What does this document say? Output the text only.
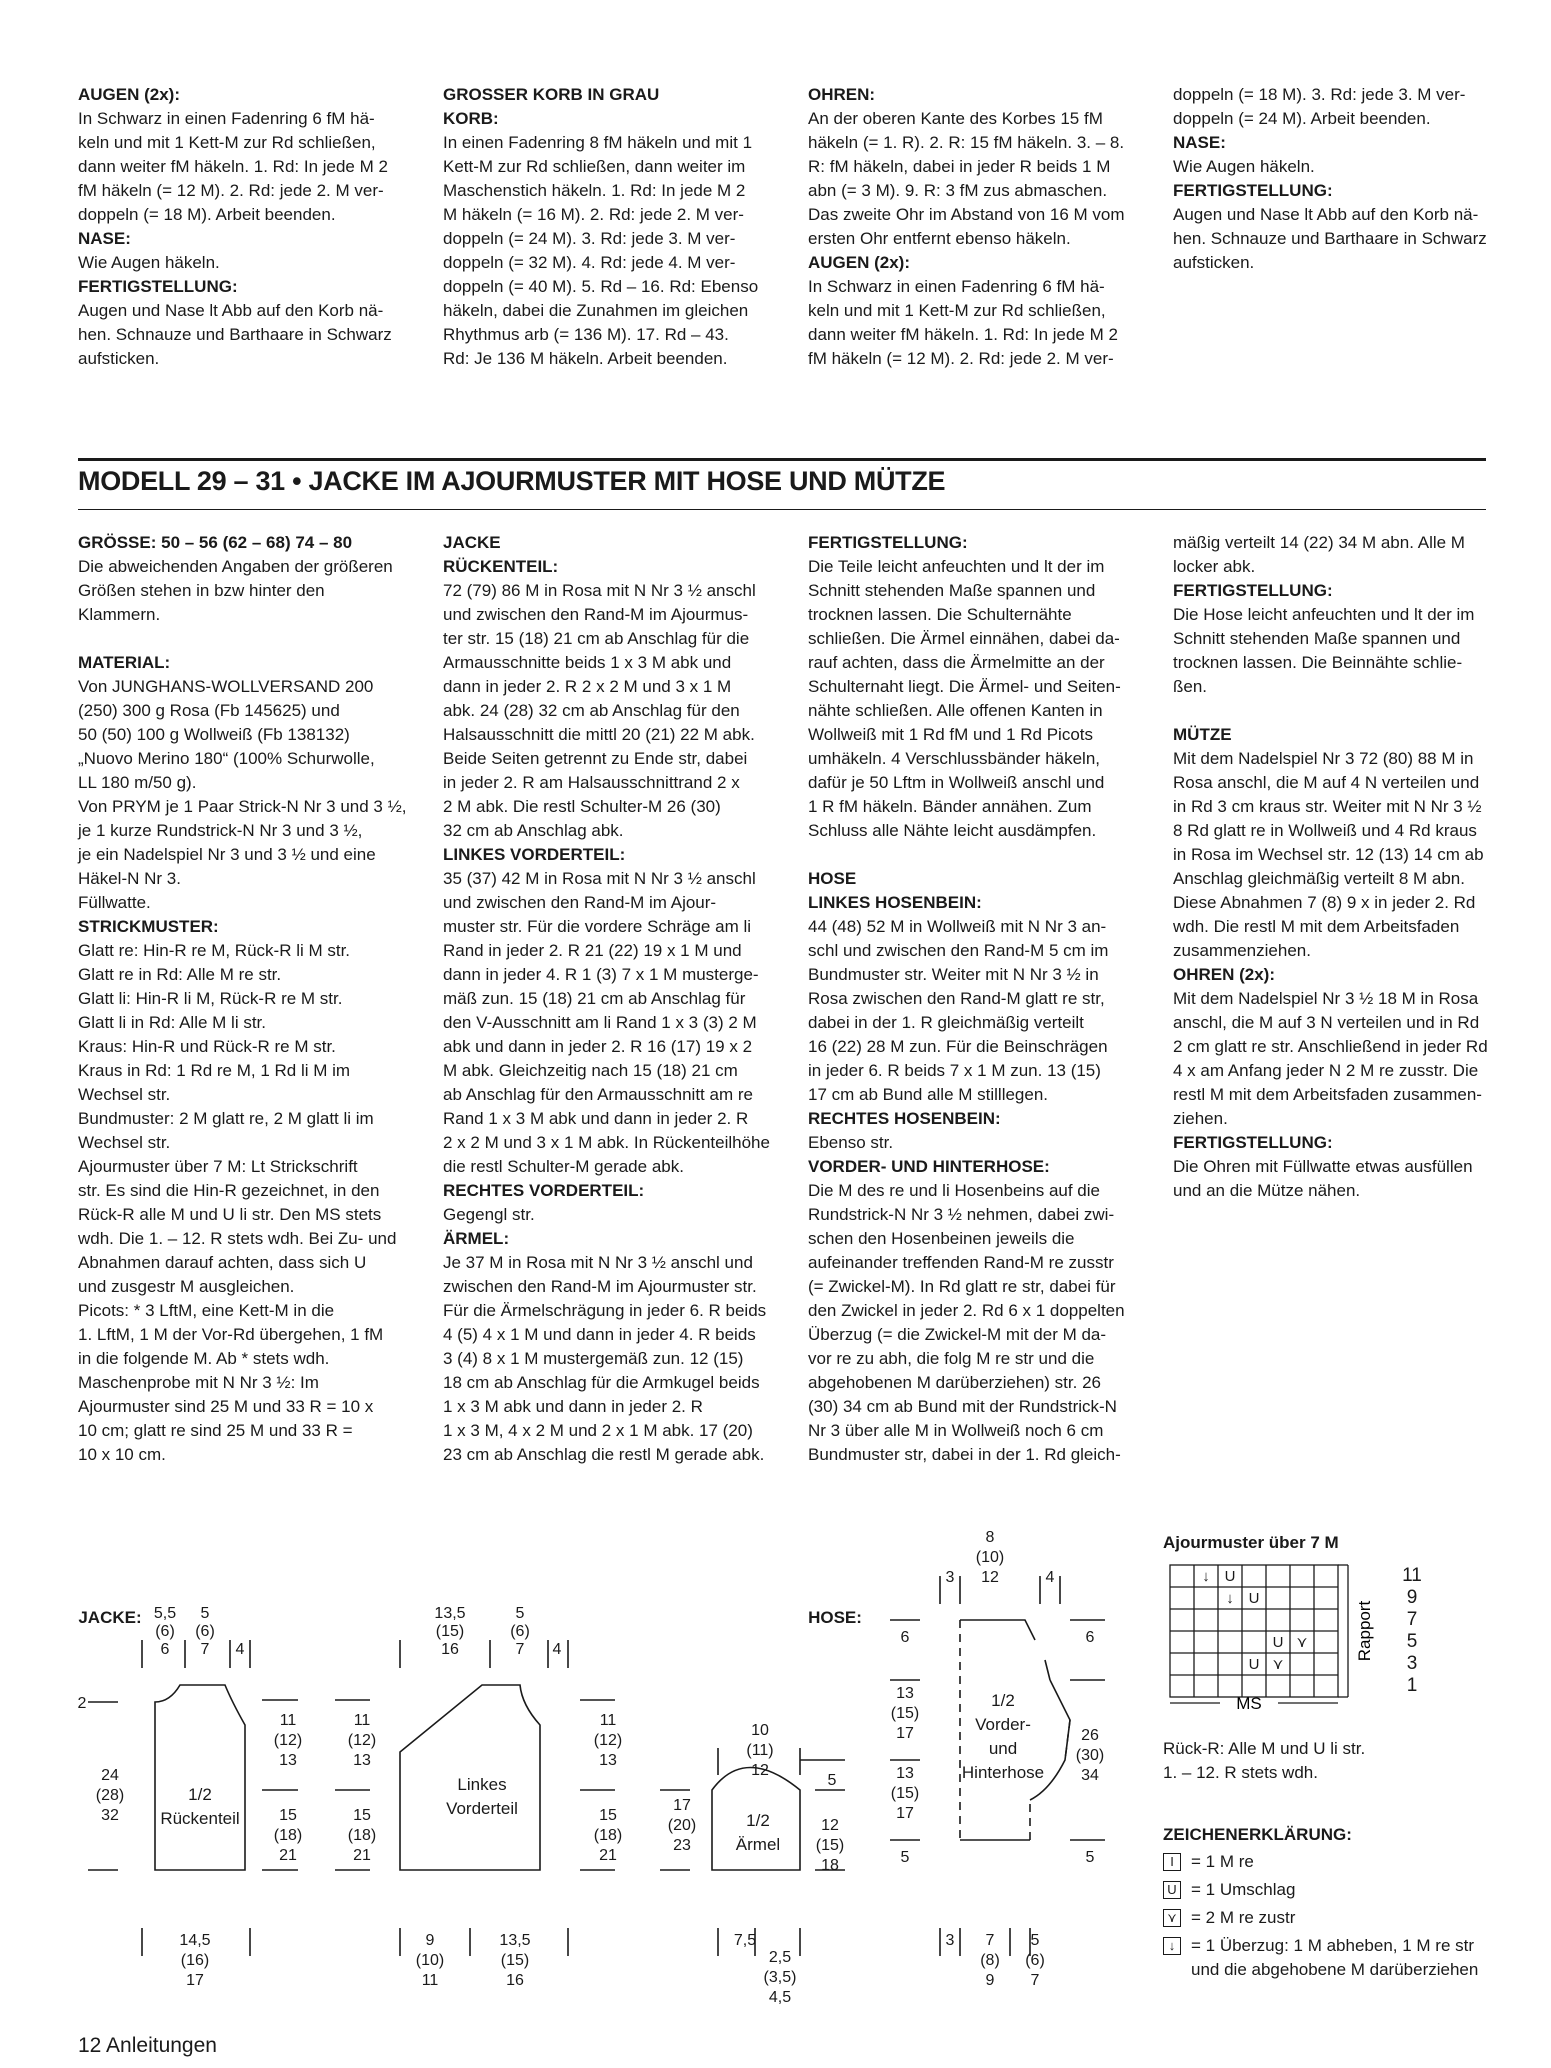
AUGEN (2x):

In Schwarz in einen Fadenring 6 fM hä-

keln und mit 1 Kett-M zur Rd schließen,

dann weiter fM häkeln. 1. Rd: In jede M 2

fM häkeln (= 12 M). 2. Rd: jede 2. M ver-

doppeln (= 18 M). Arbeit beenden.

NASE:

Wie Augen häkeln.

FERTIGSTELLUNG:

Augen und Nase lt Abb auf den Korb nä-

hen. Schnauze und Barthaare in Schwarz

aufsticken.

GROSSER KORB IN GRAU

KORB:

In einen Fadenring 8 fM häkeln und mit 1

Kett-M zur Rd schließen, dann weiter im

Maschenstich häkeln. 1. Rd: In jede M 2

M häkeln (= 16 M). 2. Rd: jede 2. M ver-

doppeln (= 24 M). 3. Rd: jede 3. M ver-

doppeln (= 32 M). 4. Rd: jede 4. M ver-

doppeln (= 40 M). 5. Rd – 16. Rd: Ebenso

häkeln, dabei die Zunahmen im gleichen

Rhythmus arb (= 136 M). 17. Rd – 43.

Rd: Je 136 M häkeln. Arbeit beenden.

OHREN:

An der oberen Kante des Korbes 15 fM

häkeln (= 1. R). 2. R: 15 fM häkeln. 3. – 8.

R: fM häkeln, dabei in jeder R beids 1 M

abn (= 3 M). 9. R: 3 fM zus abmaschen.

Das zweite Ohr im Abstand von 16 M vom

ersten Ohr entfernt ebenso häkeln.

AUGEN (2x):

In Schwarz in einen Fadenring 6 fM hä-

keln und mit 1 Kett-M zur Rd schließen,

dann weiter fM häkeln. 1. Rd: In jede M 2

fM häkeln (= 12 M). 2. Rd: jede 2. M ver-

doppeln (= 18 M). 3. Rd: jede 3. M ver-

doppeln (= 24 M). Arbeit beenden.

NASE:

Wie Augen häkeln.

FERTIGSTELLUNG:

Augen und Nase lt Abb auf den Korb nä-

hen. Schnauze und Barthaare in Schwarz

aufsticken.

MODELL 29 – 31 • JACKE IM AJOURMUSTER MIT HOSE UND MÜTZE

GRÖSSE: 50 – 56 (62 – 68) 74 – 80

Die abweichenden Angaben der größeren

Größen stehen in bzw hinter den

Klammern.

MATERIAL:

Von JUNGHANS-WOLLVERSAND 200

(250) 300 g Rosa (Fb 145625) und

50 (50) 100 g Wollweiß (Fb 138132)

„Nuovo Merino 180“ (100% Schurwolle,

LL 180 m/50 g).

Von PRYM je 1 Paar Strick-N Nr 3 und 3 ½,

je 1 kurze Rundstrick-N Nr 3 und 3 ½,

je ein Nadelspiel Nr 3 und 3 ½ und eine

Häkel-N Nr 3.

Füllwatte.

STRICKMUSTER:

Glatt re: Hin-R re M, Rück-R li M str.

Glatt re in Rd: Alle M re str.

Glatt li: Hin-R li M, Rück-R re M str.

Glatt li in Rd: Alle M li str.

Kraus: Hin-R und Rück-R re M str.

Kraus in Rd: 1 Rd re M, 1 Rd li M im

Wechsel str.

Bundmuster: 2 M glatt re, 2 M glatt li im

Wechsel str.

Ajourmuster über 7 M: Lt Strickschrift

str. Es sind die Hin-R gezeichnet, in den

Rück-R alle M und U li str. Den MS stets

wdh. Die 1. – 12. R stets wdh. Bei Zu- und

Abnahmen darauf achten, dass sich U

und zusgestr M ausgleichen.

Picots: * 3 LftM, eine Kett-M in die

1. LftM, 1 M der Vor-Rd übergehen, 1 fM

in die folgende M. Ab * stets wdh.

Maschenprobe mit N Nr 3 ½: Im

Ajourmuster sind 25 M und 33 R = 10 x

10 cm; glatt re sind 25 M und 33 R =

10 x 10 cm.

JACKE

RÜCKENTEIL:

72 (79) 86 M in Rosa mit N Nr 3 ½ anschl

und zwischen den Rand-M im Ajourmus-

ter str. 15 (18) 21 cm ab Anschlag für die

Armausschnitte beids 1 x 3 M abk und

dann in jeder 2. R 2 x 2 M und 3 x 1 M

abk. 24 (28) 32 cm ab Anschlag für den

Halsausschnitt die mittl 20 (21) 22 M abk.

Beide Seiten getrennt zu Ende str, dabei

in jeder 2. R am Halsausschnittrand 2 x

2 M abk. Die restl Schulter-M 26 (30)

32 cm ab Anschlag abk.

LINKES VORDERTEIL:

35 (37) 42 M in Rosa mit N Nr 3 ½ anschl

und zwischen den Rand-M im Ajour-

muster str. Für die vordere Schräge am li

Rand in jeder 2. R 21 (22) 19 x 1 M und

dann in jeder 4. R 1 (3) 7 x 1 M musterge-

mäß zun. 15 (18) 21 cm ab Anschlag für

den V-Ausschnitt am li Rand 1 x 3 (3) 2 M

abk und dann in jeder 2. R 16 (17) 19 x 2

M abk. Gleichzeitig nach 15 (18) 21 cm

ab Anschlag für den Armausschnitt am re

Rand 1 x 3 M abk und dann in jeder 2. R

2 x 2 M und 3 x 1 M abk. In Rückenteilhöhe

die restl Schulter-M gerade abk.

RECHTES VORDERTEIL:

Gegengl str.

ÄRMEL:

Je 37 M in Rosa mit N Nr 3 ½ anschl und

zwischen den Rand-M im Ajourmuster str.

Für die Ärmelschrägung in jeder 6. R beids

4 (5) 4 x 1 M und dann in jeder 4. R beids

3 (4) 8 x 1 M mustergemäß zun. 12 (15)

18 cm ab Anschlag für die Armkugel beids

1 x 3 M abk und dann in jeder 2. R

1 x 3 M, 4 x 2 M und 2 x 1 M abk. 17 (20)

23 cm ab Anschlag die restl M gerade abk.

FERTIGSTELLUNG:

Die Teile leicht anfeuchten und lt der im

Schnitt stehenden Maße spannen und

trocknen lassen. Die Schulternähte

schließen. Die Ärmel einnähen, dabei da-

rauf achten, dass die Ärmelmitte an der

Schulternaht liegt. Die Ärmel- und Seiten-

nähte schließen. Alle offenen Kanten in

Wollweiß mit 1 Rd fM und 1 Rd Picots

umhäkeln. 4 Verschlussbänder häkeln,

dafür je 50 Lftm in Wollweiß anschl und

1 R fM häkeln. Bänder annähen. Zum

Schluss alle Nähte leicht ausdämpfen.

HOSE

LINKES HOSENBEIN:

44 (48) 52 M in Wollweiß mit N Nr 3 an-

schl und zwischen den Rand-M 5 cm im

Bundmuster str. Weiter mit N Nr 3 ½ in

Rosa zwischen den Rand-M glatt re str,

dabei in der 1. R gleichmäßig verteilt

16 (22) 28 M zun. Für die Beinschrägen

in jeder 6. R beids 7 x 1 M zun. 13 (15)

17 cm ab Bund alle M stilllegen.

RECHTES HOSENBEIN:

Ebenso str.

VORDER- UND HINTERHOSE:

Die M des re und li Hosenbeins auf die

Rundstrick-N Nr 3 ½ nehmen, dabei zwi-

schen den Hosenbeinen jeweils die

aufeinander treffenden Rand-M re zusstr

(= Zwickel-M). In Rd glatt re str, dabei für

den Zwickel in jeder 2. Rd 6 x 1 doppelten

Überzug (= die Zwickel-M mit der M da-

vor re zu abh, die folg M re str und die

abgehobenen M darüberziehen) str. 26

(30) 34 cm ab Bund mit der Rundstrick-N

Nr 3 über alle M in Wollweiß noch 6 cm

Bundmuster str, dabei in der 1. Rd gleich-

mäßig verteilt 14 (22) 34 M abn. Alle M

locker abk.

FERTIGSTELLUNG:

Die Hose leicht anfeuchten und lt der im

Schnitt stehenden Maße spannen und

trocknen lassen. Die Beinnähte schlie-

ßen.

MÜTZE

Mit dem Nadelspiel Nr 3 72 (80) 88 M in

Rosa anschl, die M auf 4 N verteilen und

in Rd 3 cm kraus str. Weiter mit N Nr 3 ½

8 Rd glatt re in Wollweiß und 4 Rd kraus

in Rosa im Wechsel str. 12 (13) 14 cm ab

Anschlag gleichmäßig verteilt 8 M abn.

Diese Abnahmen 7 (8) 9 x in jeder 2. Rd

wdh. Die restl M mit dem Arbeitsfaden

zusammenziehen.

OHREN (2x):

Mit dem Nadelspiel Nr 3 ½ 18 M in Rosa

anschl, die M auf 3 N verteilen und in Rd

2 cm glatt re str. Anschließend in jeder Rd

4 x am Anfang jeder N 2 M re zusstr. Die

restl M mit dem Arbeitsfaden zusammen-

ziehen.

FERTIGSTELLUNG:

Die Ohren mit Füllwatte etwas ausfüllen

und an die Mütze nähen.

JACKE:	HOSE:
1/2
Rückenteil
Linkes
Vorderteil
1/2
Ärmel
1/2
Vorder-
und
Hinterhose
5,5
(6)
6
5
(6)
7 4
2
24
(28)
32
11
(12)
13
15
(18)
21
11
(12)
13
15
(18)
21
14,5
(16)
17
13,5
(15)
16
5
(6)
7 4
11
(12)
13
15
(18)
21
9
(10)
11
13,5
(15)
16
10
(11)
12
17
(20)
23
5
12
(15)
18
7,5
2,5
(3,5)
4,5
8
(10)
12
3	4
6	6
13
(15)
17
13
(15)
17
26
(30)
34
5	5
3 7
(8)
9
5
(6)
7
Ajourmuster über 7 M
↓ U
↓ U
U ⋎
U ⋎
MS
Rapport
11
9
7
5
3
1
Rück-R: Alle M und U li str.
1. – 12. R stets wdh.
ZEICHENERKLÄRUNG:
I	= 1 M re
U = 1 Umschlag
⋎ = 2 M re zustr
↓ = 1 Überzug: 1 M abheben, 1 M re str
und die abgehobene M darüberziehen
12 Anleitungen
